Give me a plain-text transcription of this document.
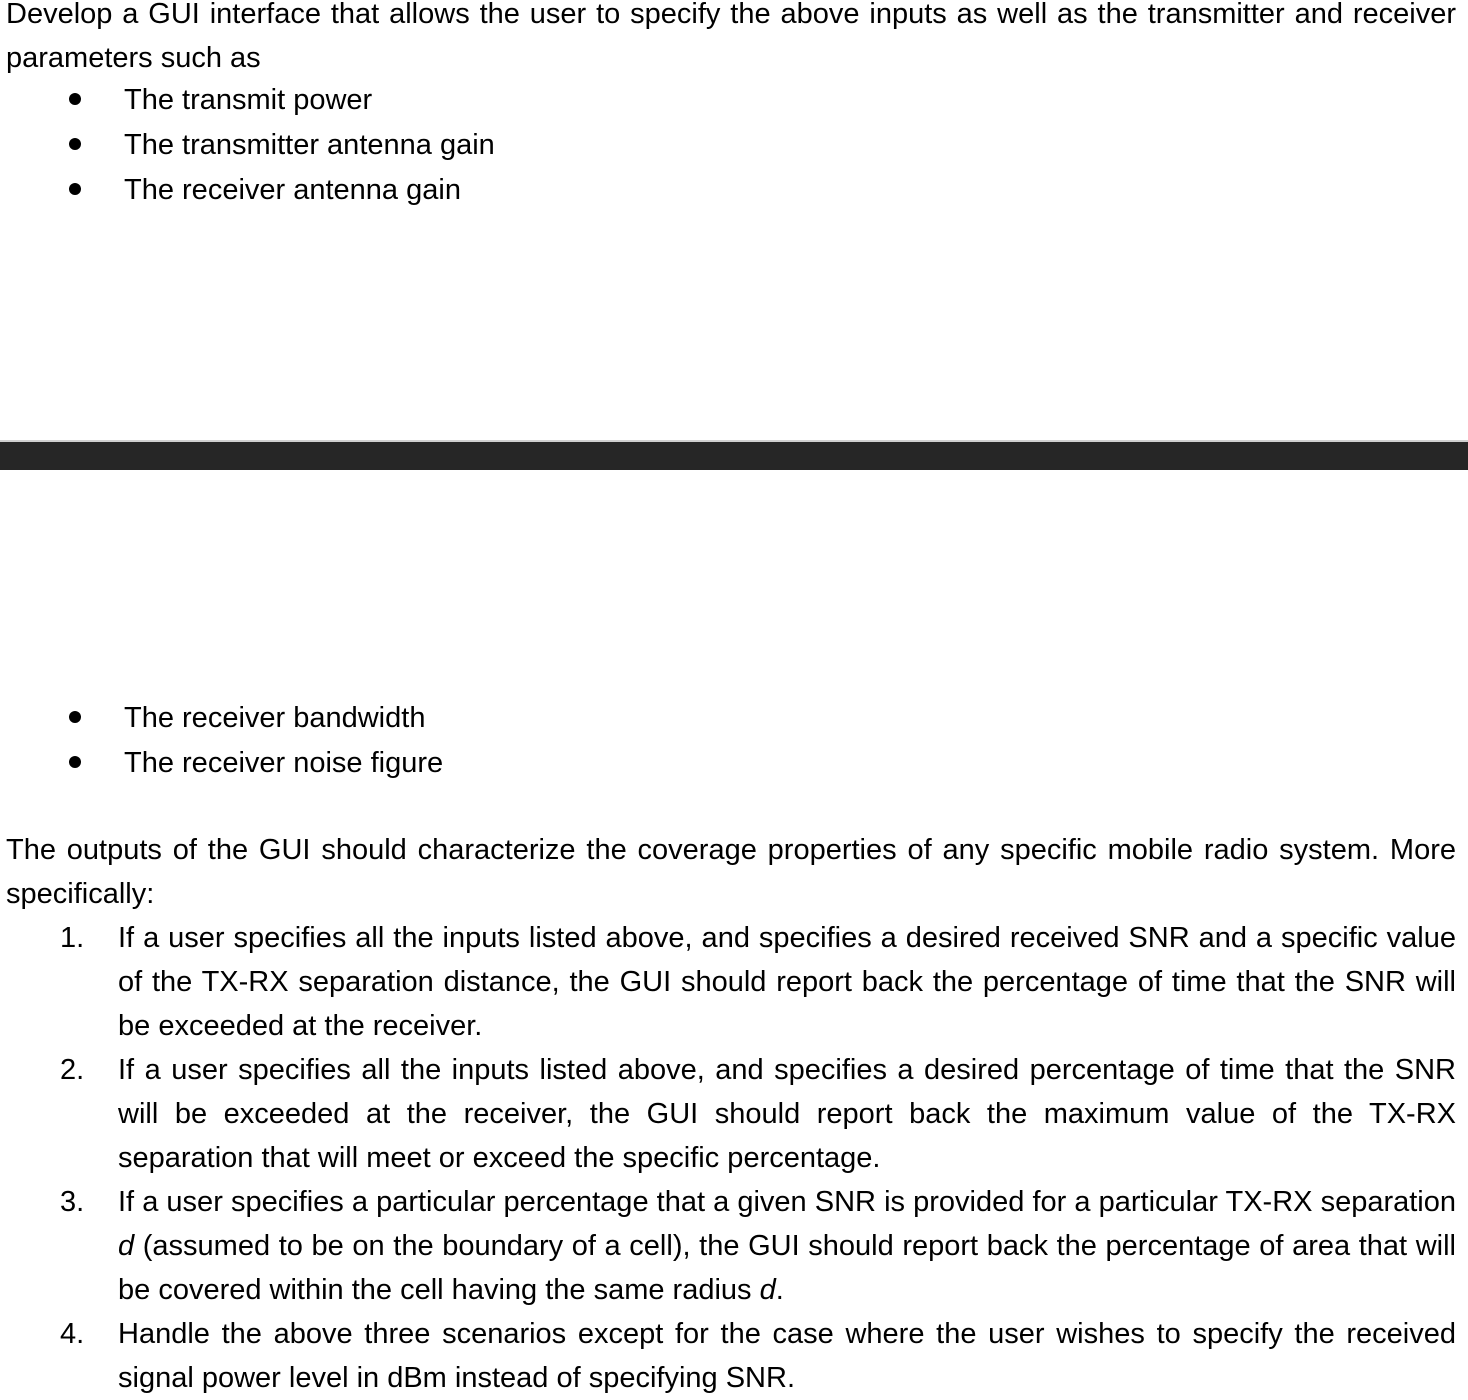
Develop a GUI interface that allows the user to specify the above inputs as well as the transmitter and receiver parameters such as

The transmit power
The transmitter antenna gain
The receiver antenna gain
The receiver bandwidth
The receiver noise figure

The outputs of the GUI should characterize the coverage properties of any specific mobile radio system. More specifically:

1. If a user specifies all the inputs listed above, and specifies a desired received SNR and a specific value of the TX-RX separation distance, the GUI should report back the percentage of time that the SNR will be exceeded at the receiver.
2. If a user specifies all the inputs listed above, and specifies a desired percentage of time that the SNR will be exceeded at the receiver, the GUI should report back the maximum value of the TX-RX separation that will meet or exceed the specific percentage.
3. If a user specifies a particular percentage that a given SNR is provided for a particular TX-RX separation d (assumed to be on the boundary of a cell), the GUI should report back the percentage of area that will be covered within the cell having the same radius d.
4. Handle the above three scenarios except for the case where the user wishes to specify the received signal power level in dBm instead of specifying SNR.
